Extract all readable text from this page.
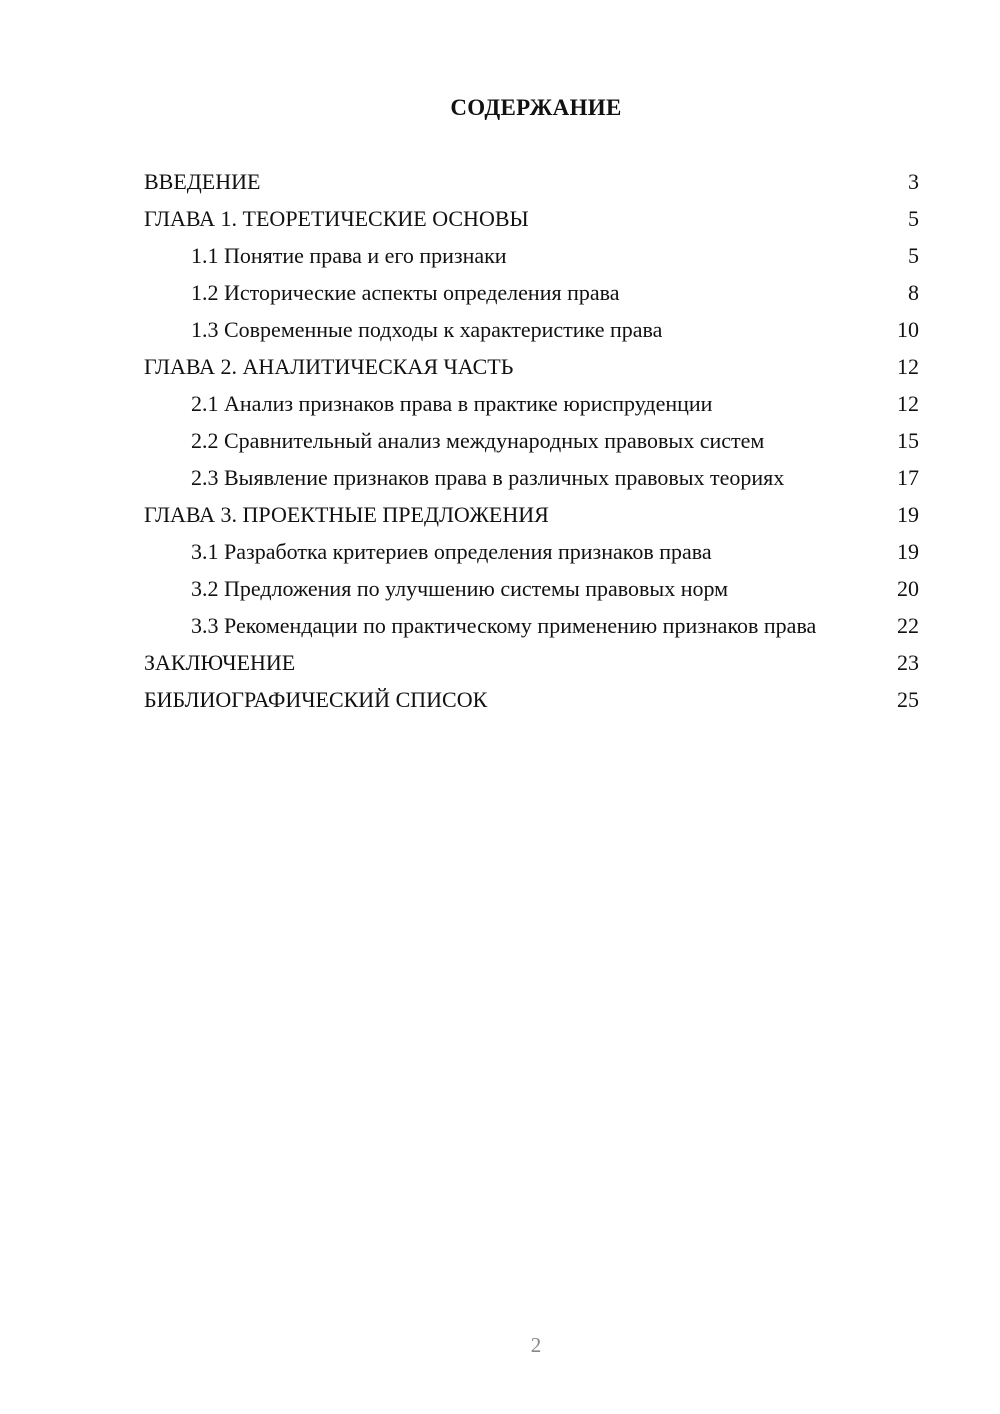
СОДЕРЖАНИЕ
ВВЕДЕНИЕ	3
ГЛАВА 1. ТЕОРЕТИЧЕСКИЕ ОСНОВЫ	5
1.1 Понятие права и его признаки	5
1.2 Исторические аспекты определения права	8
1.3 Современные подходы к характеристике права	10
ГЛАВА 2. АНАЛИТИЧЕСКАЯ ЧАСТЬ	12
2.1 Анализ признаков права в практике юриспруденции	12
2.2 Сравнительный анализ международных правовых систем	15
2.3 Выявление признаков права в различных правовых теориях	17
ГЛАВА 3. ПРОЕКТНЫЕ ПРЕДЛОЖЕНИЯ	19
3.1 Разработка критериев определения признаков права	19
3.2 Предложения по улучшению системы правовых норм	20
3.3 Рекомендации по практическому применению признаков права	22
ЗАКЛЮЧЕНИЕ	23
БИБЛИОГРАФИЧЕСКИЙ СПИСОК	25
2
